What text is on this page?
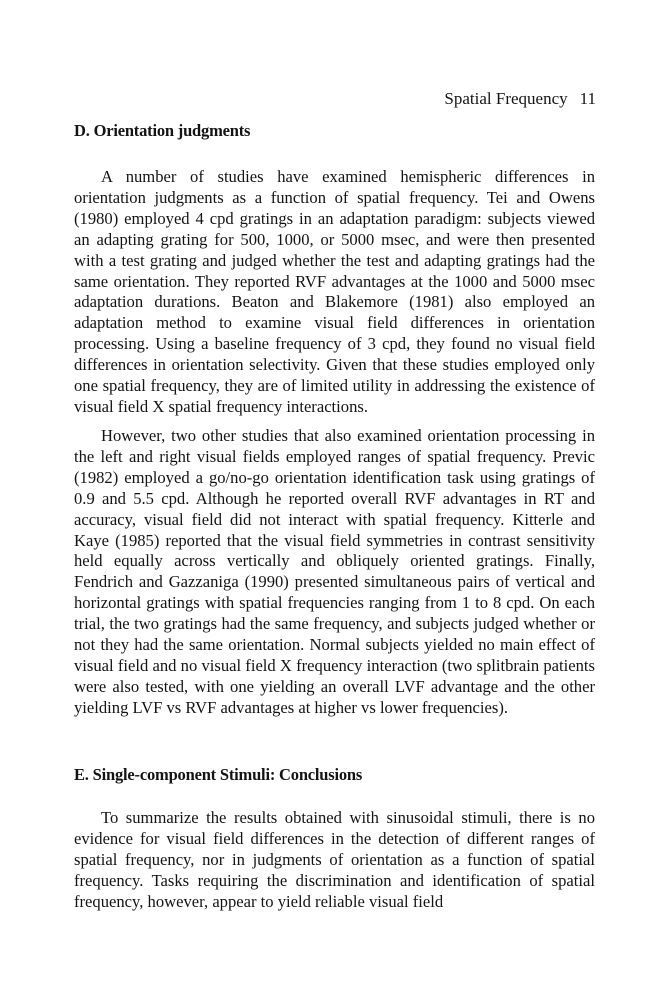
Spatial Frequency 11
D. Orientation judgments

A number of studies have examined hemispheric differences in orientation judgments as a function of spatial frequency. Tei and Owens (1980) employed 4 cpd gratings in an adaptation paradigm: subjects viewed an adapting grating for 500, 1000, or 5000 msec, and were then presented with a test grating and judged whether the test and adapting gratings had the same orientation. They reported RVF advantages at the 1000 and 5000 msec adaptation durations. Beaton and Blakemore (1981) also employed an adaptation method to examine visual field differences in orientation processing. Using a baseline frequency of 3 cpd, they found no visual field differences in orientation selectivity. Given that these studies employed only one spatial frequency, they are of limited utility in addressing the existence of visual field X spatial frequency interactions.

However, two other studies that also examined orientation processing in the left and right visual fields employed ranges of spatial frequency. Previc (1982) employed a go/no-go orientation identification task using gratings of 0.9 and 5.5 cpd. Although he reported overall RVF advantages in RT and accuracy, visual field did not interact with spatial frequency. Kitterle and Kaye (1985) reported that the visual field symmetries in contrast sensitivity held equally across vertically and obliquely oriented gratings. Finally, Fendrich and Gazzaniga (1990) presented simultaneous pairs of vertical and horizontal gratings with spatial frequencies ranging from 1 to 8 cpd. On each trial, the two gratings had the same frequency, and subjects judged whether or not they had the same orientation. Normal subjects yielded no main effect of visual field and no visual field X frequency interaction (two splitbrain patients were also tested, with one yielding an overall LVF advantage and the other yielding LVF vs RVF advantages at higher vs lower frequencies).

E. Single-component Stimuli: Conclusions

To summarize the results obtained with sinusoidal stimuli, there is no evidence for visual field differences in the detection of different ranges of spatial frequency, nor in judgments of orientation as a function of spatial frequency. Tasks requiring the discrimination and identification of spatial frequency, however, appear to yield reliable visual field
